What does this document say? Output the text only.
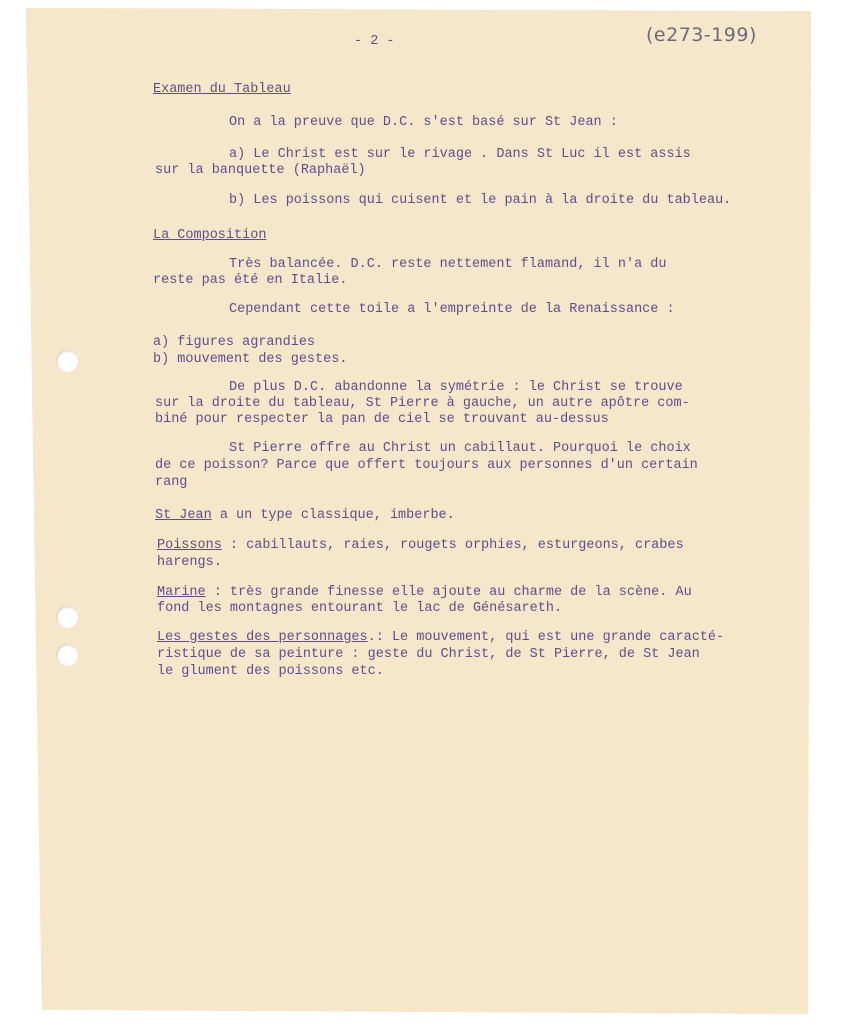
- 2 -	(e273-199)
Examen du Tableau
On a la preuve que D.C. s'est basé sur St Jean :
a) Le Christ est sur le rivage . Dans St Luc il est assis
sur la banquette (Raphaël)
b) Les poissons qui cuisent et le pain à la droite du tableau.
La Composition
Très balancée. D.C. reste nettement flamand, il n'a du
reste pas été en Italie.
Cependant cette toile a l'empreinte de la Renaissance :
a) figures agrandies
b) mouvement des gestes.
De plus D.C. abandonne la symétrie : le Christ se trouve
sur la droite du tableau, St Pierre à gauche, un autre apôtre com-
biné pour respecter la pan de ciel se trouvant au-dessus
St Pierre offre au Christ un cabillaut. Pourquoi le choix
de ce poisson? Parce que offert toujours aux personnes d'un certain
rang
St Jean a un type classique, imberbe.
Poissons : cabillauts, raies, rougets orphies, esturgeons, crabes
harengs.
Marine : très grande finesse elle ajoute au charme de la scène. Au
fond les montagnes entourant le lac de Génésareth.
Les gestes des personnages.: Le mouvement, qui est une grande caracté-
ristique de sa peinture : geste du Christ, de St Pierre, de St Jean
le glument des poissons etc.
